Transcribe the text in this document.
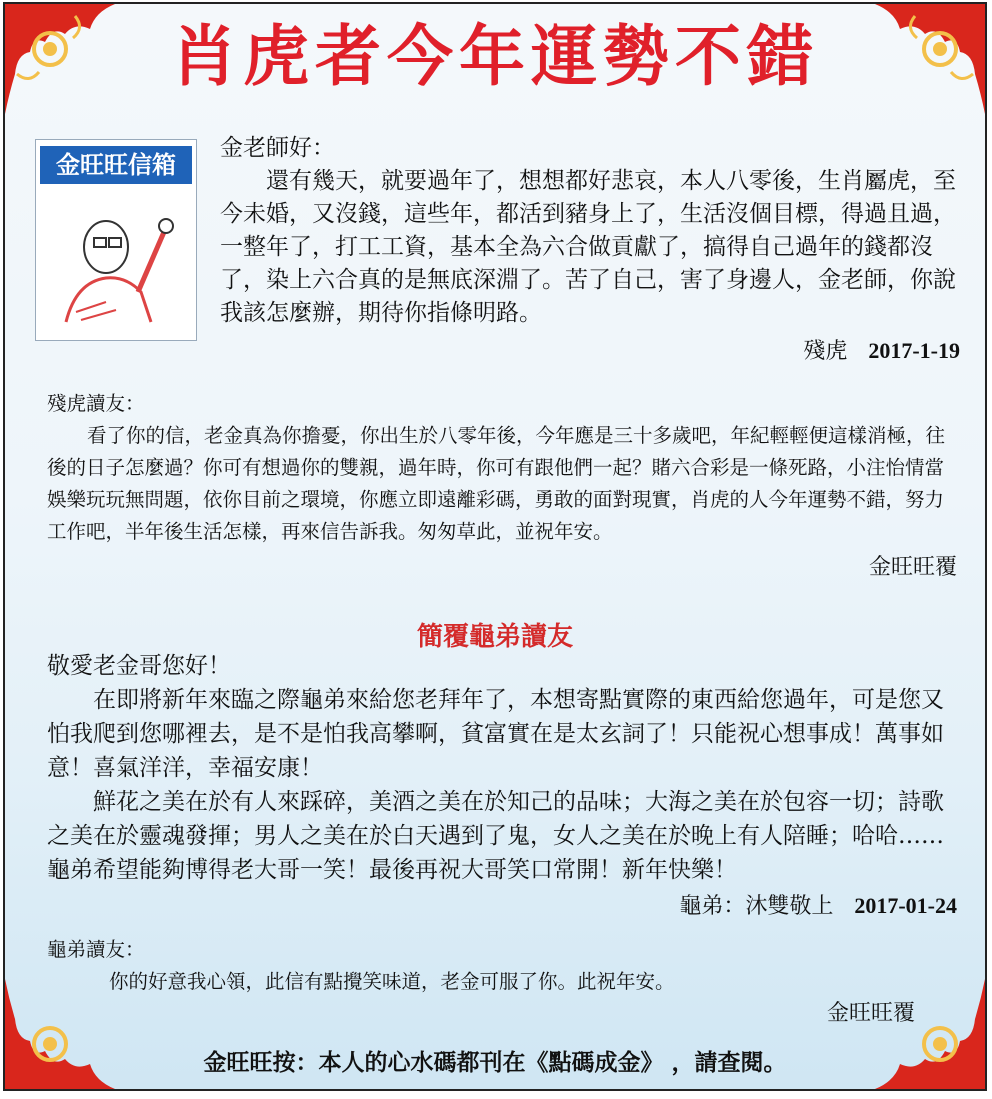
肖虎者今年運勢不錯
金旺旺信箱

金老師好：

還有幾天，就要過年了，想想都好悲哀，本人八零後，生肖屬虎，至今未婚，又沒錢，這些年，都活到豬身上了，生活沒個目標，得過且過，一整年了，打工工資，基本全為六合做貢獻了，搞得自己過年的錢都沒了，染上六合真的是無底深淵了。苦了自己，害了身邊人，金老師，你說我該怎麼辦，期待你指條明路。

殘虎 2017-1-19

殘虎讀友：

看了你的信，老金真為你擔憂，你出生於八零年後，今年應是三十多歲吧，年紀輕輕便這樣消極，往後的日子怎麼過？你可有想過你的雙親，過年時，你可有跟他們一起？賭六合彩是一條死路，小注怡情當娛樂玩玩無問題，依你目前之環境，你應立即遠離彩碼，勇敢的面對現實，肖虎的人今年運勢不錯，努力工作吧，半年後生活怎樣，再來信告訴我。匆匆草此，並祝年安。

金旺旺覆

簡覆龜弟讀友

敬愛老金哥您好！

在即將新年來臨之際龜弟來給您老拜年了，本想寄點實際的東西給您過年，可是您又怕我爬到您哪裡去，是不是怕我高攀啊，貧富實在是太玄詞了！只能祝心想事成！萬事如意！喜氣洋洋，幸福安康！

鮮花之美在於有人來踩碎，美酒之美在於知己的品味；大海之美在於包容一切；詩歌之美在於靈魂發揮；男人之美在於白天遇到了鬼，女人之美在於晚上有人陪睡；哈哈……龜弟希望能夠博得老大哥一笑！最後再祝大哥笑口常開！新年快樂！

龜弟：沐雙敬上 2017-01-24

龜弟讀友：

你的好意我心領，此信有點攪笑味道，老金可服了你。此祝年安。

金旺旺覆

金旺旺按：本人的心水碼都刊在《點碼成金》 ，請查閱。
